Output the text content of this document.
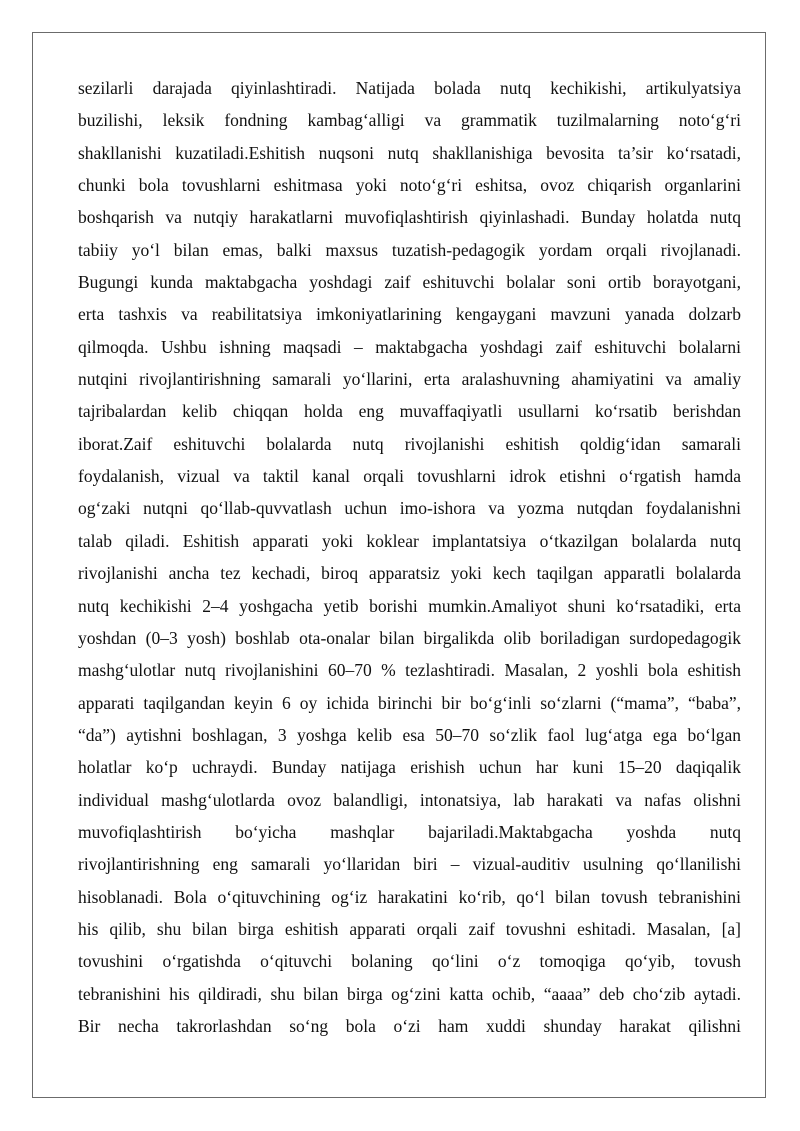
sezilarli darajada qiyinlashtiradi. Natijada bolada nutq kechikishi, artikulyatsiya
buzilishi, leksik fondning kambag‘alligi va grammatik tuzilmalarning noto‘g‘ri
shakllanishi kuzatiladi.Eshitish nuqsoni nutq shakllanishiga bevosita ta’sir ko‘rsatadi,
chunki bola tovushlarni eshitmasa yoki noto‘g‘ri eshitsa, ovoz chiqarish organlarini
boshqarish va nutqiy harakatlarni muvofiqlashtirish qiyinlashadi. Bunday holatda nutq
tabiiy yo‘l bilan emas, balki maxsus tuzatish-pedagogik yordam orqali rivojlanadi.
Bugungi kunda maktabgacha yoshdagi zaif eshituvchi bolalar soni ortib borayotgani,
erta tashxis va reabilitatsiya imkoniyatlarining kengaygani mavzuni yanada dolzarb
qilmoqda. Ushbu ishning maqsadi – maktabgacha yoshdagi zaif eshituvchi bolalarni
nutqini rivojlantirishning samarali yo‘llarini, erta aralashuvning ahamiyatini va amaliy
tajribalardan kelib chiqqan holda eng muvaffaqiyatli usullarni ko‘rsatib berishdan
iborat.Zaif eshituvchi bolalarda nutq rivojlanishi eshitish qoldig‘idan samarali
foydalanish, vizual va taktil kanal orqali tovushlarni idrok etishni o‘rgatish hamda
og‘zaki nutqni qo‘llab-quvvatlash uchun imo-ishora va yozma nutqdan foydalanishni
talab qiladi. Eshitish apparati yoki koklear implantatsiya o‘tkazilgan bolalarda nutq
rivojlanishi ancha tez kechadi, biroq apparatsiz yoki kech taqilgan apparatli bolalarda
nutq kechikishi 2–4 yoshgacha yetib borishi mumkin.Amaliyot shuni ko‘rsatadiki, erta
yoshdan (0–3 yosh) boshlab ota-onalar bilan birgalikda olib boriladigan surdopedagogik
mashg‘ulotlar nutq rivojlanishini 60–70 % tezlashtiradi. Masalan, 2 yoshli bola eshitish
apparati taqilgandan keyin 6 oy ichida birinchi bir bo‘g‘inli so‘zlarni (“mama”, “baba”,
“da”) aytishni boshlagan, 3 yoshga kelib esa 50–70 so‘zlik faol lug‘atga ega bo‘lgan
holatlar ko‘p uchraydi. Bunday natijaga erishish uchun har kuni 15–20 daqiqalik
individual mashg‘ulotlarda ovoz balandligi, intonatsiya, lab harakati va nafas olishni
muvofiqlashtirish bo‘yicha mashqlar bajariladi.Maktabgacha yoshda nutq
rivojlantirishning eng samarali yo‘llaridan biri – vizual-auditiv usulning qo‘llanilishi
hisoblanadi. Bola o‘qituvchining og‘iz harakatini ko‘rib, qo‘l bilan tovush tebranishini
his qilib, shu bilan birga eshitish apparati orqali zaif tovushni eshitadi. Masalan, [a]
tovushini o‘rgatishda o‘qituvchi bolaning qo‘lini o‘z tomoqiga qo‘yib, tovush
tebranishini his qildiradi, shu bilan birga og‘zini katta ochib, “aaaa” deb cho‘zib aytadi.
Bir necha takrorlashdan so‘ng bola o‘zi ham xuddi shunday harakat qilishni
